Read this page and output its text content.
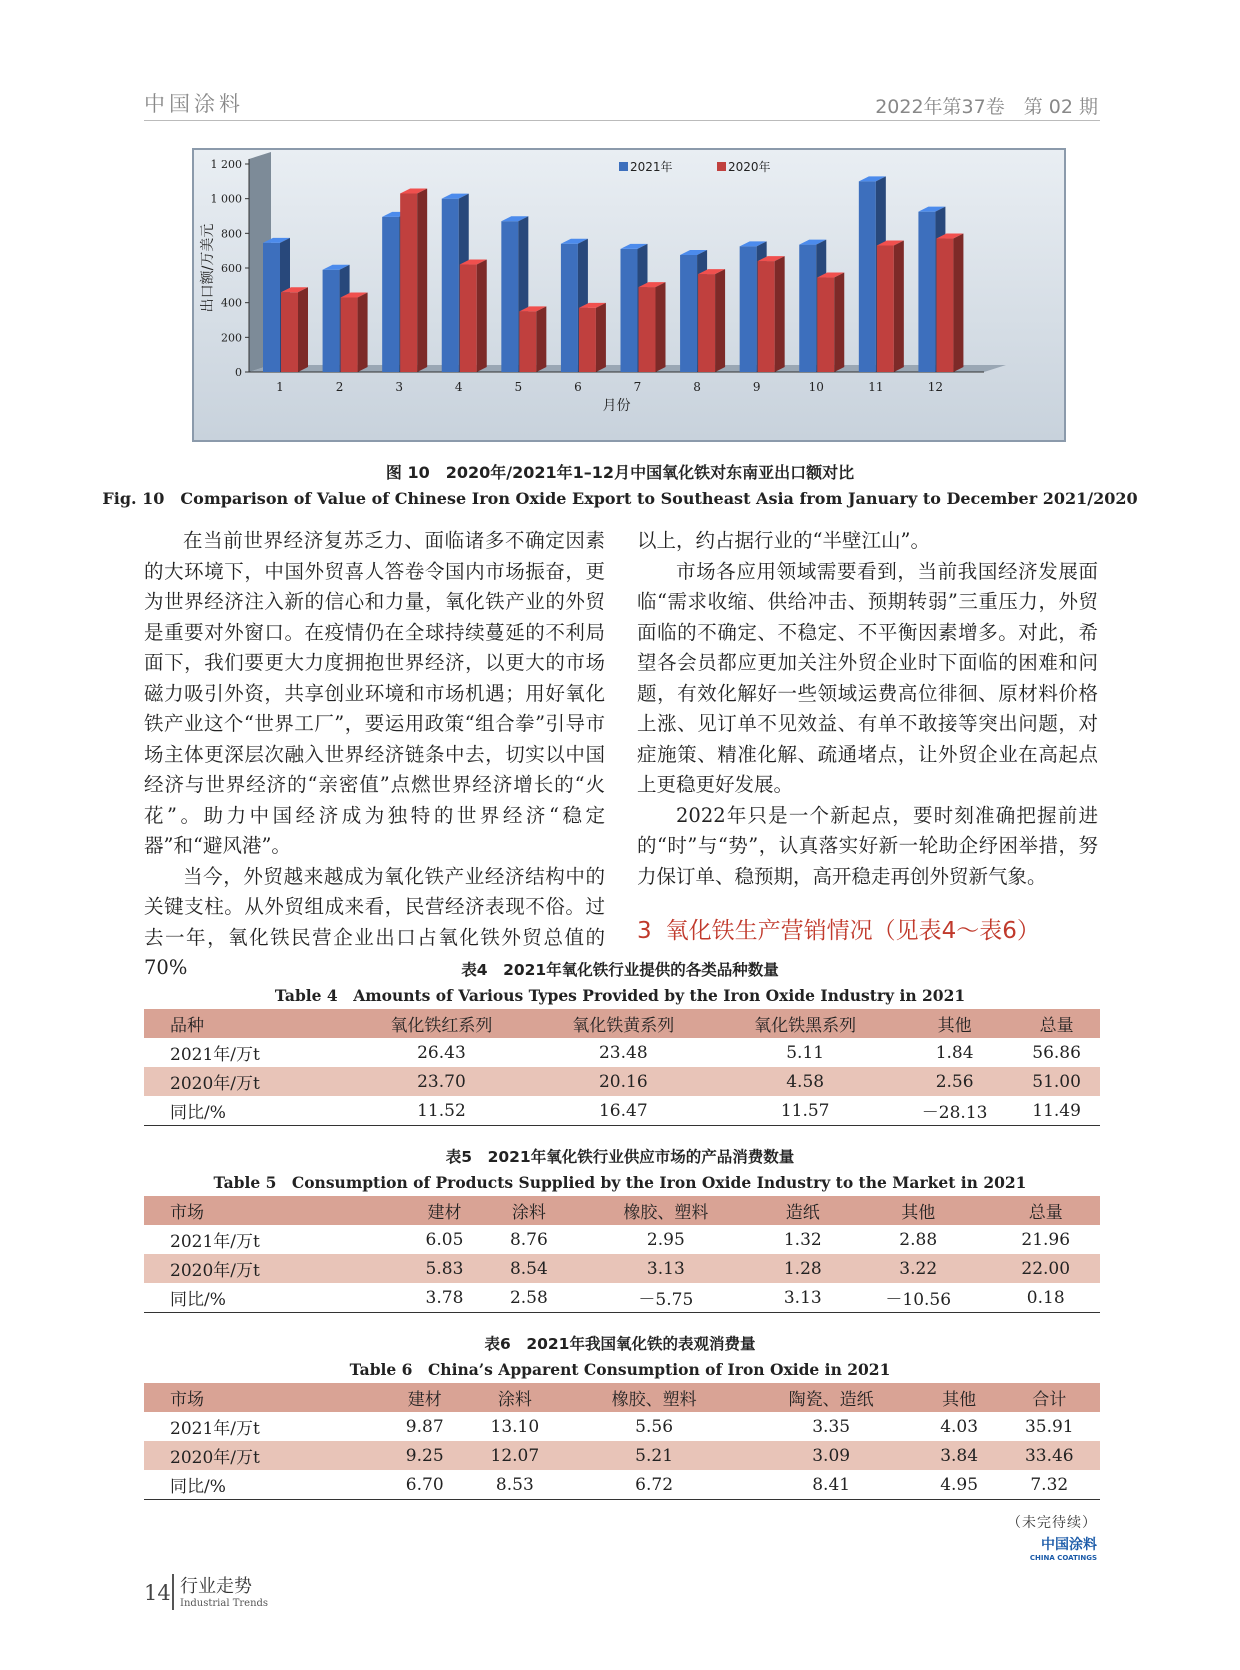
中国涂料	2022年第37卷　第 02 期
0
200
400
600
800
1 000
1 200
出口额/万美元
1	2	3	4	5	6	7	8	9	10	11	12
月份
2021年	2020年
图 10　2020年/2021年1–12月中国氧化铁对东南亚出口额对比
Fig. 10　Comparison of Value of Chinese Iron Oxide Export to Southeast Asia from January to December 2021/2020

在当前世界经济复苏乏力、面临诸多不确定因素的大环境下，中国外贸喜人答卷令国内市场振奋，更为世界经济注入新的信心和力量，氧化铁产业的外贸是重要对外窗口。在疫情仍在全球持续蔓延的不利局面下，我们要更大力度拥抱世界经济，以更大的市场磁力吸引外资，共享创业环境和市场机遇；用好氧化铁产业这个“世界工厂”，要运用政策“组合拳”引导市场主体更深层次融入世界经济链条中去，切实以中国经济与世界经济的“亲密值”点燃世界经济增长的“火花”。助力中国经济成为独特的世界经济“稳定器”和“避风港”。

当今，外贸越来越成为氧化铁产业经济结构中的关键支柱。从外贸组成来看，民营经济表现不俗。过去一年，氧化铁民营企业出口占氧化铁外贸总值的70%

以上，约占据行业的“半壁江山”。

市场各应用领域需要看到，当前我国经济发展面临“需求收缩、供给冲击、预期转弱”三重压力，外贸面临的不确定、不稳定、不平衡因素增多。对此，希望各会员都应更加关注外贸企业时下面临的困难和问题，有效化解好一些领域运费高位徘徊、原材料价格上涨、见订单不见效益、有单不敢接等突出问题，对症施策、精准化解、疏通堵点，让外贸企业在高起点上更稳更好发展。

2022年只是一个新起点，要时刻准确把握前进的“时”与“势”，认真落实好新一轮助企纾困举措，努力保订单、稳预期，高开稳走再创外贸新气象。

3 氧化铁生产营销情况（见表4～表6）
表4　2021年氧化铁行业提供的各类品种数量
Table 4　Amounts of Various Types Provided by the Iron Oxide Industry in 2021
品种	氧化铁红系列	氧化铁黄系列	氧化铁黑系列	其他	总量
2021年/万t	26.43	23.48	5.11	1.84	56.86
2020年/万t	23.70	20.16	4.58	2.56	51.00
同比/%	11.52	16.47	11.57	－28.13	11.49
表5　2021年氧化铁行业供应市场的产品消费数量
Table 5　Consumption of Products Supplied by the Iron Oxide Industry to the Market in 2021
市场	建材	涂料	橡胶、塑料	造纸	其他	总量
2021年/万t	6.05	8.76	2.95	1.32	2.88	21.96
2020年/万t	5.83	8.54	3.13	1.28	3.22	22.00
同比/%	3.78	2.58	－5.75	3.13	－10.56	0.18
表6　2021年我国氧化铁的表观消费量
Table 6　China’s Apparent Consumption of Iron Oxide in 2021
市场	建材	涂料	橡胶、塑料	陶瓷、造纸	其他	合计
2021年/万t	9.87	13.10	5.56	3.35	4.03	35.91
2020年/万t	9.25	12.07	5.21	3.09	3.84	33.46
同比/%	6.70	8.53	6.72	8.41	4.95	7.32
（未完待续）
中国涂料
CHINA COATINGS
14 行业走势
Industrial Trends
